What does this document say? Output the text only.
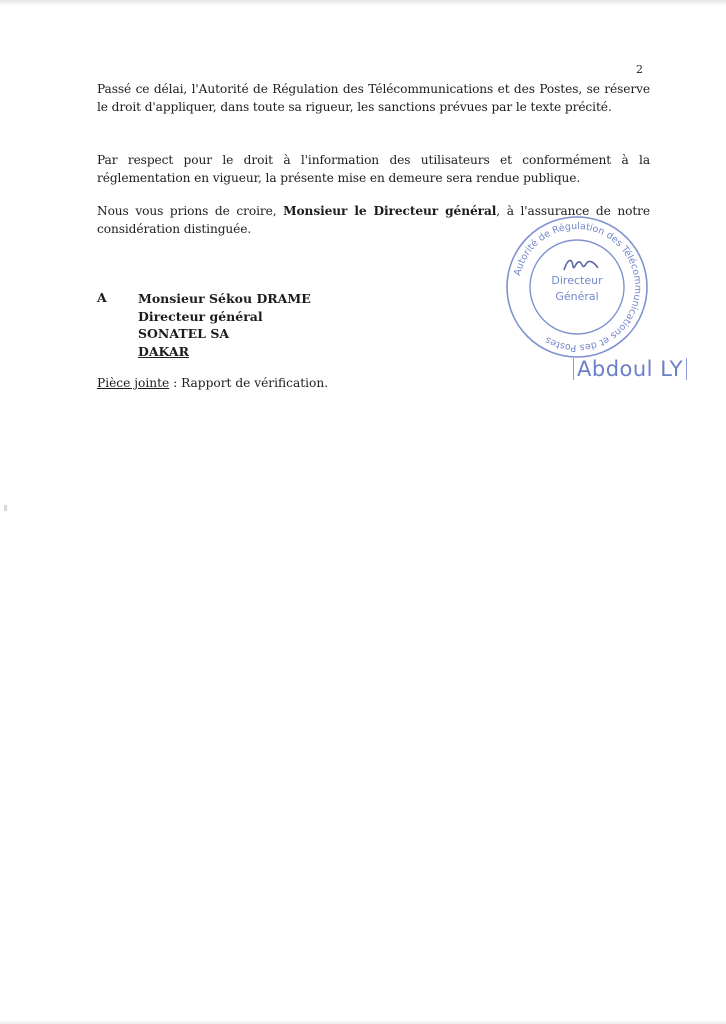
2

Passé ce délai, l'Autorité de Régulation des Télécommunications et des Postes, se réserve le droit d'appliquer, dans toute sa rigueur, les sanctions prévues par le texte précité.

Par respect pour le droit à l'information des utilisateurs et conformément à la réglementation en vigueur, la présente mise en demeure sera rendue publique.

Nous vous prions de croire, Monsieur le Directeur général, à l'assurance de notre considération distinguée.

Autorité de Régulation des Télécommunications et des Postes
Directeur
Général
Abdoul LY
A	Monsieur Sékou DRAME
Directeur général
SONATEL SA
DAKAR
Pièce jointe : Rapport de vérification.
